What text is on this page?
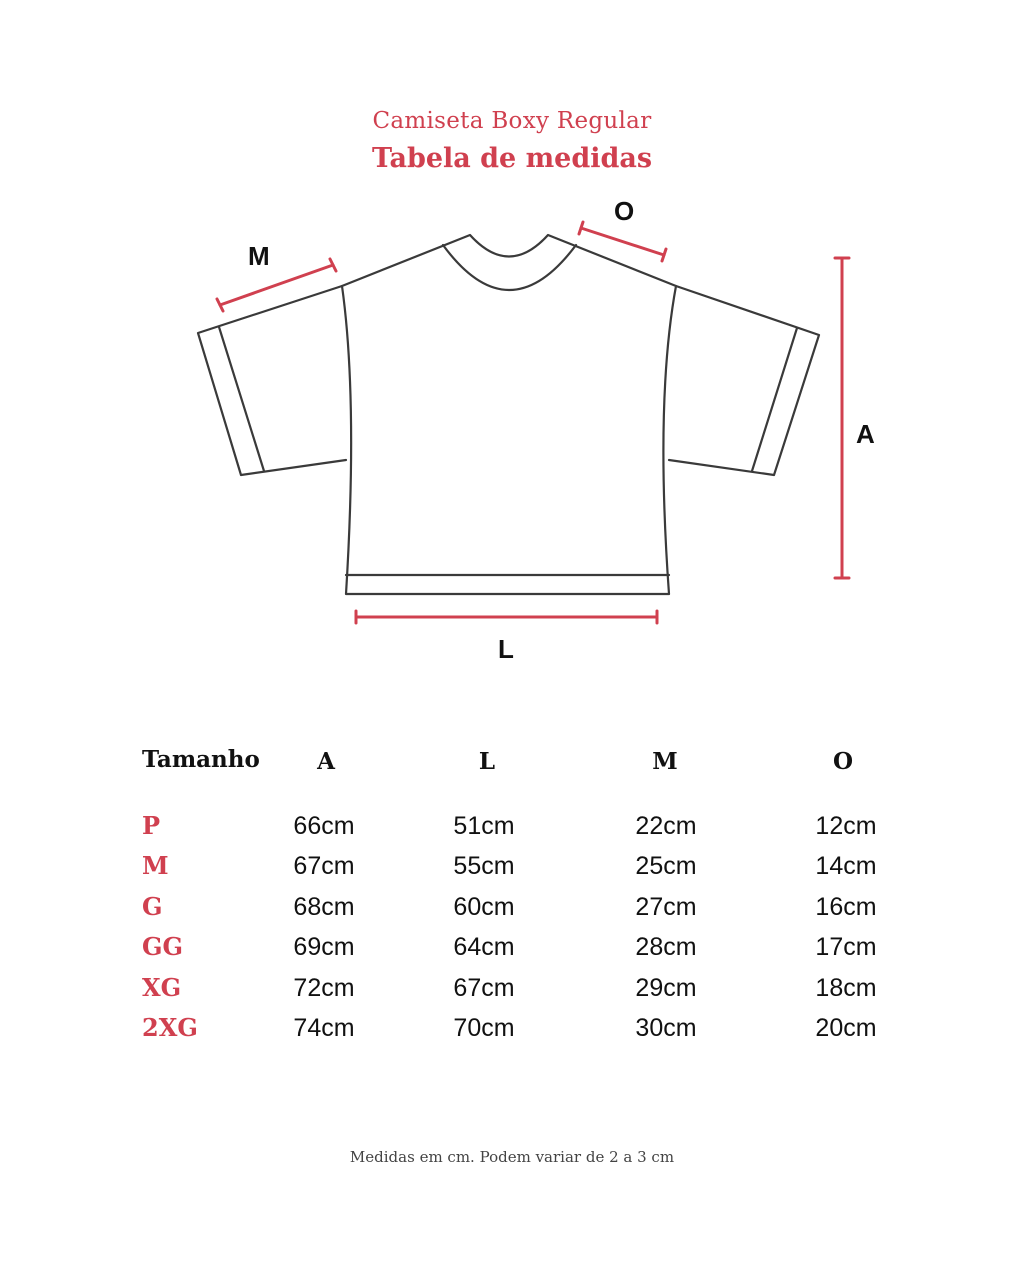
Camiseta Boxy Regular
Tabela de medidas
M
O
A
L
Tamanho	A	L	M	O
P	66cm	51cm	22cm	12cm
M	67cm	55cm	25cm	14cm
G	68cm	60cm	27cm	16cm
GG	69cm	64cm	28cm	17cm
XG	72cm	67cm	29cm	18cm
2XG	74cm	70cm	30cm	20cm
Medidas em cm. Podem variar de 2 a 3 cm
